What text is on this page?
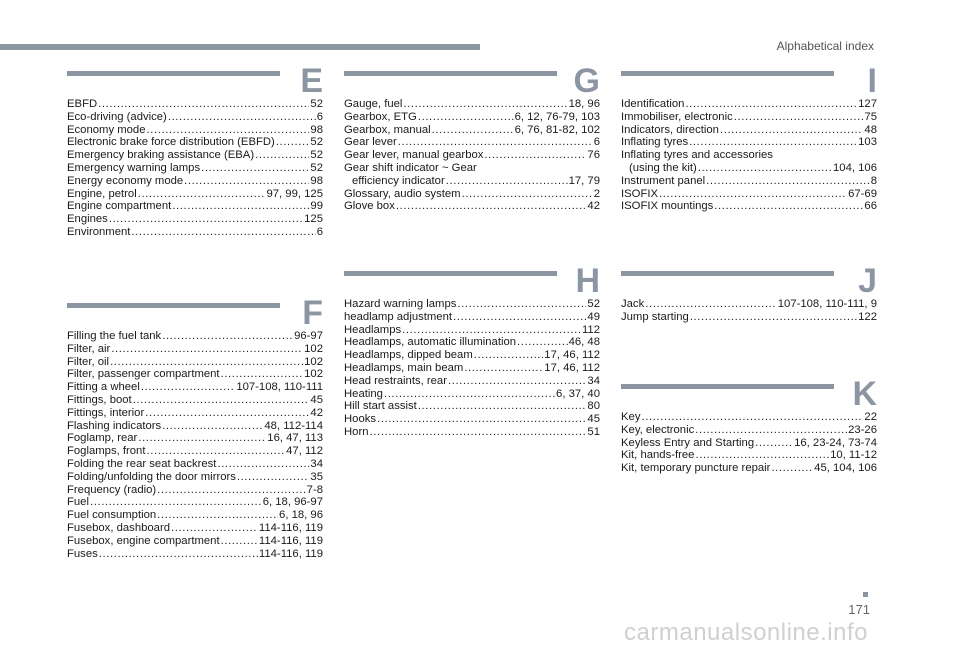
Alphabetical index
E
EBFD .....	52
Eco-driving (advice) .....	6
Economy mode .....	98
Electronic brake force distribution (EBFD) .....	52
Emergency braking assistance (EBA) .....	52
Emergency warning lamps .....	52
Energy economy mode .....	98
Engine, petrol .....	97, 99, 125
Engine compartment .....	99
Engines .....	125
Environment .....	6
F
Filling the fuel tank .....	96-97
Filter, air .....	102
Filter, oil .....	102
Filter, passenger compartment .....	102
Fitting a wheel .....	107-108, 110-111
Fittings, boot .....	45
Fittings, interior .....	42
Flashing indicators .....	48, 112-114
Foglamp, rear .....	16, 47, 113
Foglamps, front .....	47, 112
Folding the rear seat backrest .....	34
Folding/unfolding the door mirrors .....	35
Frequency (radio) .....	7-8
Fuel .....	6, 18, 96-97
Fuel consumption .....	6, 18, 96
Fusebox, dashboard .....	114-116, 119
Fusebox, engine compartment .....	114-116, 119
Fuses .....	114-116, 119
G
Gauge, fuel .....	18, 96
Gearbox, ETG .....	6, 12, 76-79, 103
Gearbox, manual .....	6, 76, 81-82, 102
Gear lever .....	6
Gear lever, manual gearbox .....	76
Gear shift indicator ~ Gear
efficiency indicator .....	17, 79
Glossary, audio system .....	2
Glove box .....	42
H
Hazard warning lamps .....	52
headlamp adjustment .....	49
Headlamps .....	112
Headlamps, automatic illumination .....	46, 48
Headlamps, dipped beam .....	17, 46, 112
Headlamps, main beam .....	17, 46, 112
Head restraints, rear .....	34
Heating .....	6, 37, 40
Hill start assist .....	80
Hooks .....	45
Horn .....	51
I
Identification .....	127
Immobiliser, electronic .....	75
Indicators, direction .....	48
Inflating tyres .....	103
Inflating tyres and accessories
(using the kit) .....	104, 106
Instrument panel .....	8
ISOFIX .....	67-69
ISOFIX mountings .....	66
J
Jack .....	107-108, 110-111, 9
Jump starting .....	122
K
Key .....	22
Key, electronic .....	23-26
Keyless Entry and Starting .....	16, 23-24, 73-74
Kit, hands-free .....	10, 11-12
Kit, temporary puncture repair .....	45, 104, 106
171
carmanualsonline.info
